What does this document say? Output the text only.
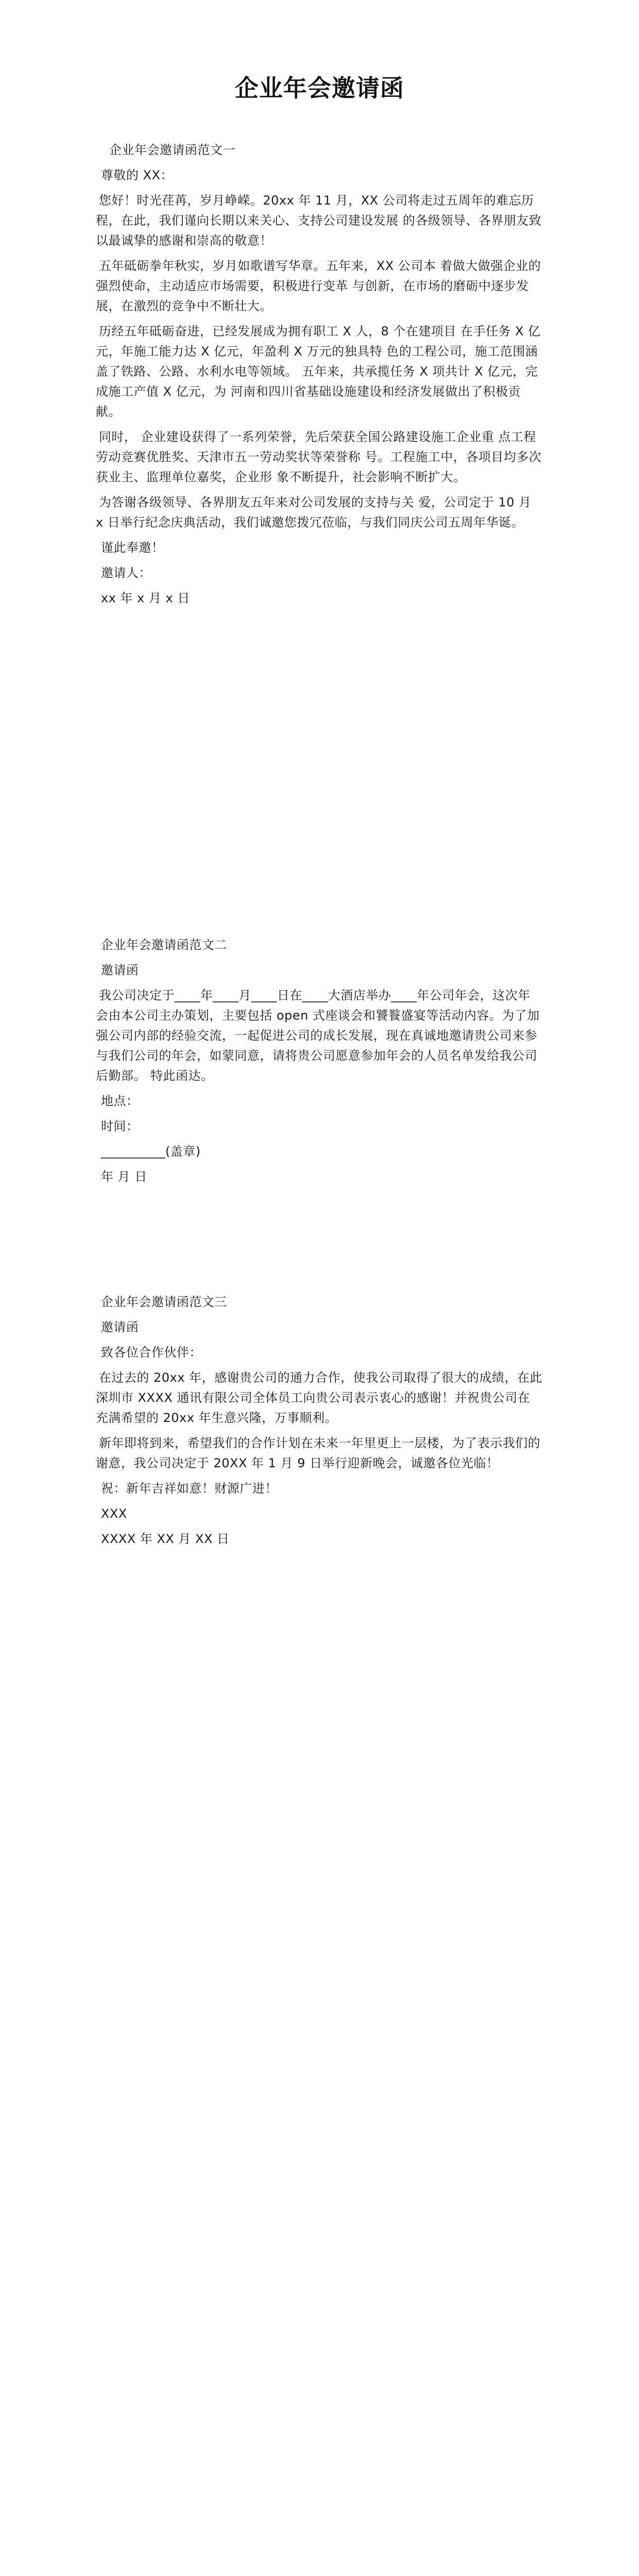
企业年会邀请函
企业年会邀请函范文一
尊敬的 XX：
您好！时光荏苒，岁月峥嵘。20xx 年 11 月，XX 公司将走过五周年的难忘历程，在此，我们谨向长期以来关心、支持公司建设发展 的各级领导、各界朋友致以最诚挚的感谢和崇高的敬意！
五年砥砺拳年秋实，岁月如歌谱写华章。五年来，XX 公司本 着做大做强企业的强烈使命，主动适应市场需要，积极进行变革 与创新，在市场的磨砺中逐步发展，在激烈的竞争中不断壮大。
历经五年砥砺奋进，已经发展成为拥有职工 X 人，8 个在建项目 在手任务 X 亿元，年施工能力达 X 亿元，年盈利 X 万元的独具特 色的工程公司，施工范围涵盖了铁路、公路、水利水电等领域。 五年来，共承揽任务 X 项共计 X 亿元，完成施工产值 X 亿元，为 河南和四川省基础设施建设和经济发展做出了积极贡献。
同时， 企业建设获得了一系列荣誉，先后荣获全国公路建设施工企业重 点工程劳动竞赛优胜奖、天津市五一劳动奖状等荣誉称 号。工程施工中，各项目均多次获业主、监理单位嘉奖，企业形 象不断提升，社会影响不断扩大。
为答谢各级领导、各界朋友五年来对公司发展的支持与关 爱，公司定于 10 月 x 日举行纪念庆典活动，我们诚邀您拨冗莅临，与我们同庆公司五周年华诞。
谨此奉邀！
邀请人：
xx 年 x 月 x 日
企业年会邀请函范文二
邀请函
我公司决定于____年____月____日在____大酒店举办____年公司年会，这次年会由本公司主办策划，主要包括 open 式座谈会和饕餮盛宴等活动内容。为了加强公司内部的经验交流，一起促进公司的成长发展，现在真诚地邀请贵公司来参与我们公司的年会，如蒙同意，请将贵公司愿意参加年会的人员名单发给我公司后勤部。 特此函达。
地点：
时间：
__________(盖章)
年 月 日
企业年会邀请函范文三
邀请函
致各位合作伙伴：
在过去的 20xx 年，感谢贵公司的通力合作，使我公司取得了很大的成绩，在此深圳市 XXXX 通讯有限公司全体员工向贵公司表示衷心的感谢！并祝贵公司在充满希望的 20xx 年生意兴隆，万事顺利。
新年即将到来，希望我们的合作计划在未来一年里更上一层楼，为了表示我们的谢意，我公司决定于 20XX 年 1 月 9 日举行迎新晚会，诚邀各位光临！
祝：新年吉祥如意！财源广进！
XXX
XXXX 年 XX 月 XX 日
